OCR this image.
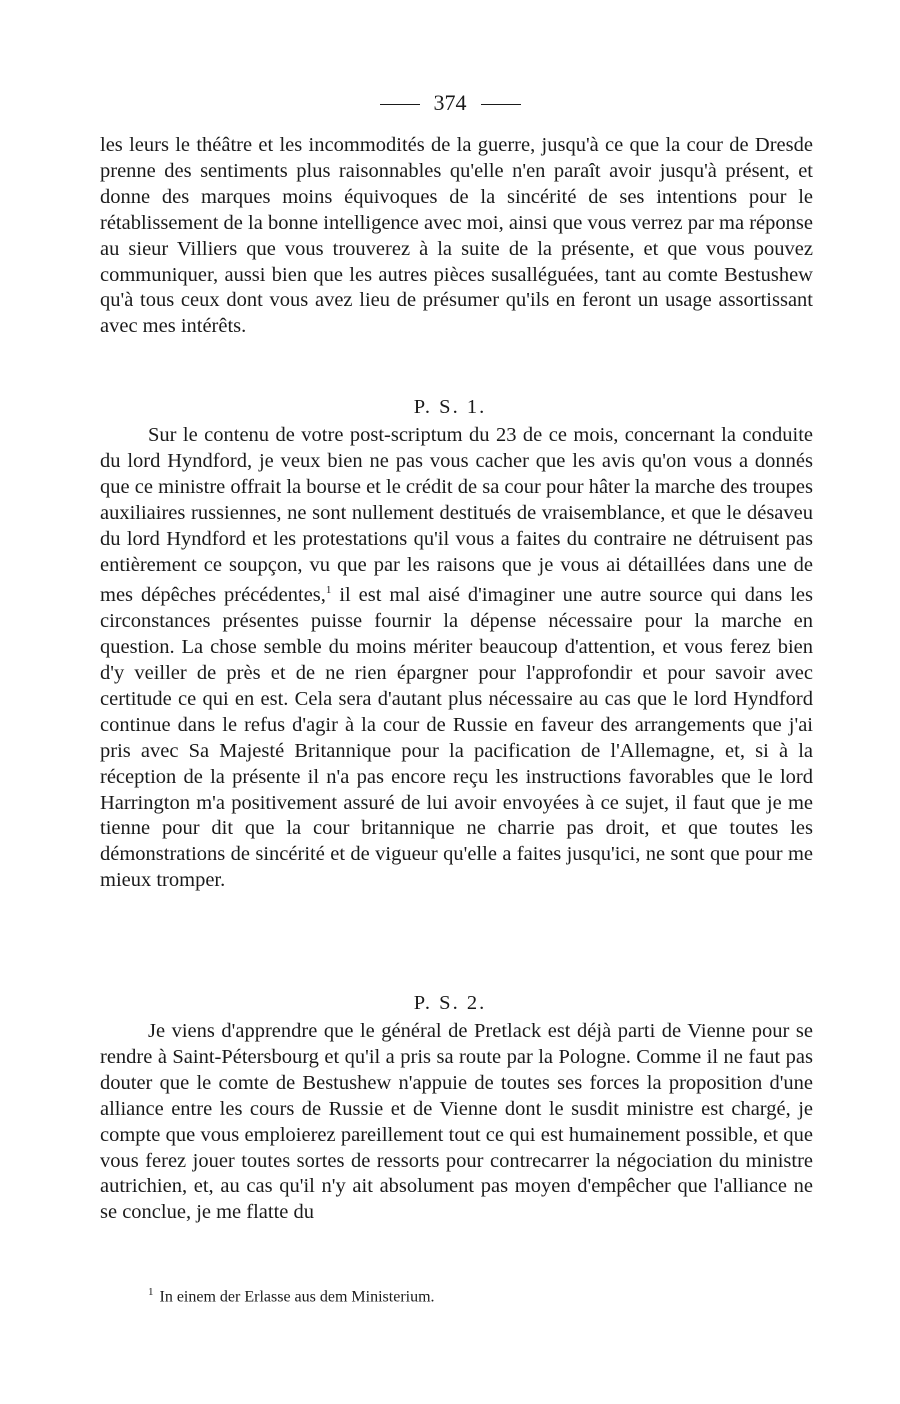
374

les leurs le théâtre et les incommodités de la guerre, jusqu'à ce que la cour de Dresde prenne des sentiments plus raisonnables qu'elle n'en paraît avoir jusqu'à présent, et donne des marques moins équivoques de la sincérité de ses intentions pour le rétablissement de la bonne intelligence avec moi, ainsi que vous verrez par ma réponse au sieur Villiers que vous trouverez à la suite de la présente, et que vous pouvez communiquer, aussi bien que les autres pièces susalléguées, tant au comte Bestushew qu'à tous ceux dont vous avez lieu de présumer qu'ils en feront un usage assortissant avec mes intérêts.

P. S. 1.

Sur le contenu de votre post-scriptum du 23 de ce mois, concernant la conduite du lord Hyndford, je veux bien ne pas vous cacher que les avis qu'on vous a donnés que ce ministre offrait la bourse et le crédit de sa cour pour hâter la marche des troupes auxiliaires russiennes, ne sont nullement destitués de vraisemblance, et que le désaveu du lord Hyndford et les protestations qu'il vous a faites du contraire ne détruisent pas entièrement ce soupçon, vu que par les raisons que je vous ai détaillées dans une de mes dépêches précédentes,$^1$ il est mal aisé d'imaginer une autre source qui dans les circonstances présentes puisse fournir la dépense nécessaire pour la marche en question. La chose semble du moins mériter beaucoup d'attention, et vous ferez bien d'y veiller de près et de ne rien épargner pour l'approfondir et pour savoir avec certitude ce qui en est. Cela sera d'autant plus nécessaire au cas que le lord Hyndford continue dans le refus d'agir à la cour de Russie en faveur des arrangements que j'ai pris avec Sa Majesté Britannique pour la pacification de l'Allemagne, et, si à la réception de la présente il n'a pas encore reçu les instructions favorables que le lord Harrington m'a positivement assuré de lui avoir envoyées à ce sujet, il faut que je me tienne pour dit que la cour britannique ne charrie pas droit, et que toutes les démonstrations de sincérité et de vigueur qu'elle a faites jusqu'ici, ne sont que pour me mieux tromper.

P. S. 2.

Je viens d'apprendre que le général de Pretlack est déjà parti de Vienne pour se rendre à Saint-Pétersbourg et qu'il a pris sa route par la Pologne. Comme il ne faut pas douter que le comte de Bestushew n'appuie de toutes ses forces la proposition d'une alliance entre les cours de Russie et de Vienne dont le susdit ministre est chargé, je compte que vous emploierez pareillement tout ce qui est humainement possible, et que vous ferez jouer toutes sortes de ressorts pour contrecarrer la négociation du ministre autrichien, et, au cas qu'il n'y ait absolument pas moyen d'empêcher que l'alliance ne se conclue, je me flatte du

$^1$ In einem der Erlasse aus dem Ministerium.
